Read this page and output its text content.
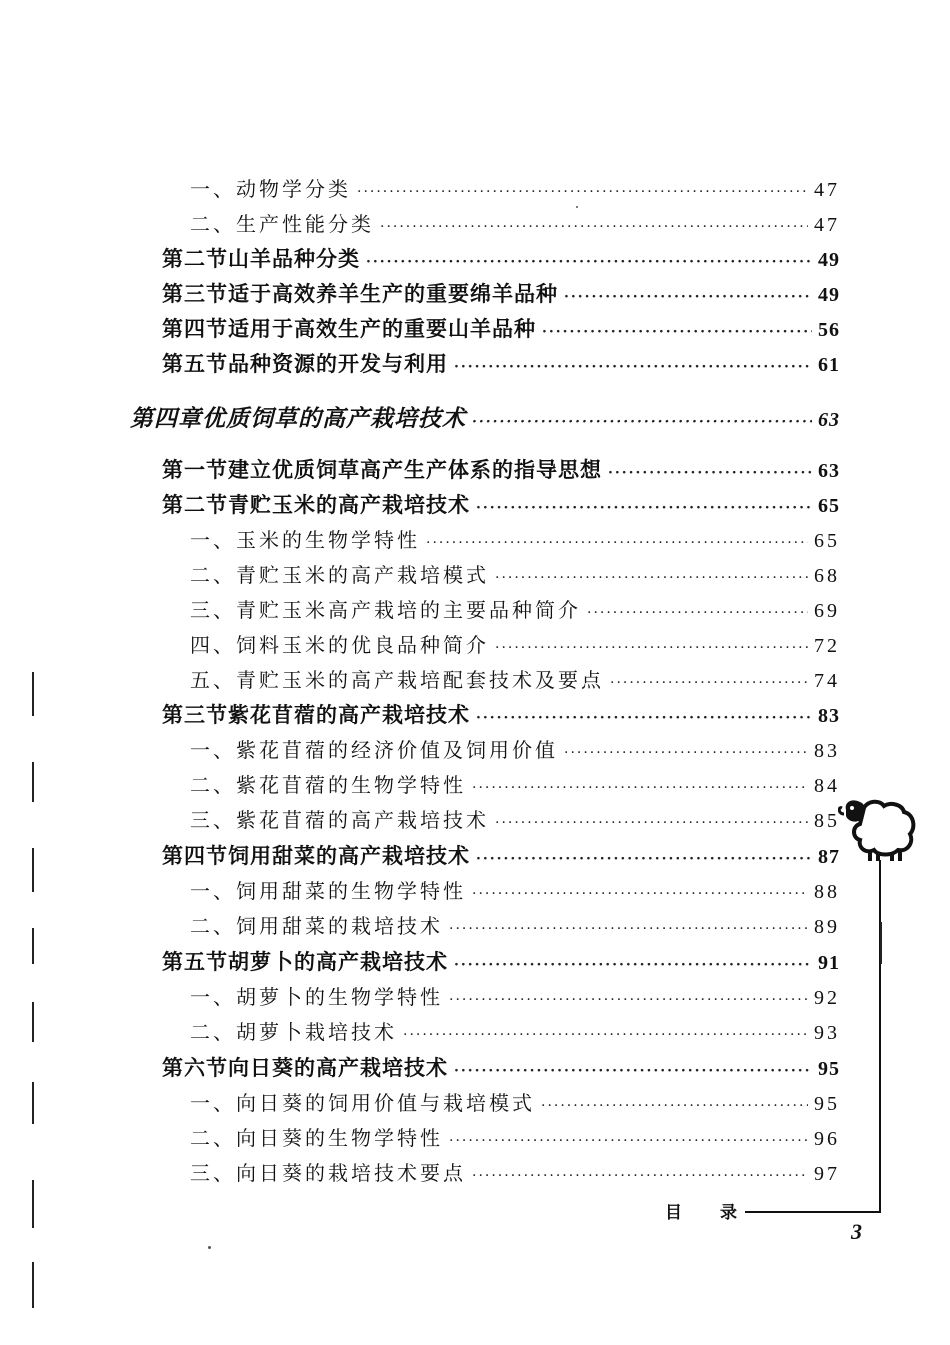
一、 动物学分类 ·····	47
二、 生产性能分类 ·····	47
第二节 山羊品种分类 ·····	49
第三节 适于高效养羊生产的重要绵羊品种 ·····	49
第四节 适用于高效生产的重要山羊品种 ·····	56
第五节 品种资源的开发与利用 ·····	61
第四章 优质饲草的高产栽培技术 ·····	63
第一节 建立优质饲草高产生产体系的指导思想 ·····	63
第二节 青贮玉米的高产栽培技术 ·····	65
一、 玉米的生物学特性 ·····	65
二、 青贮玉米的高产栽培模式 ·····	68
三、 青贮玉米高产栽培的主要品种简介 ·····	69
四、 饲料玉米的优良品种简介 ·····	72
五、 青贮玉米的高产栽培配套技术及要点 ·····	74
第三节 紫花苜蓿的高产栽培技术 ·····	83
一、 紫花苜蓿的经济价值及饲用价值 ·····	83
二、 紫花苜蓿的生物学特性 ·····	84
三、 紫花苜蓿的高产栽培技术 ·····	85
第四节 饲用甜菜的高产栽培技术 ·····	87
一、 饲用甜菜的生物学特性 ·····	88
二、 饲用甜菜的栽培技术 ·····	89
第五节 胡萝卜的高产栽培技术 ·····	91
一、 胡萝卜的生物学特性 ·····	92
二、 胡萝卜栽培技术 ·····	93
第六节 向日葵的高产栽培技术 ·····	95
一、 向日葵的饲用价值与栽培模式 ·····	95
二、 向日葵的生物学特性 ·····	96
三、 向日葵的栽培技术要点 ·····	97
目录
3
